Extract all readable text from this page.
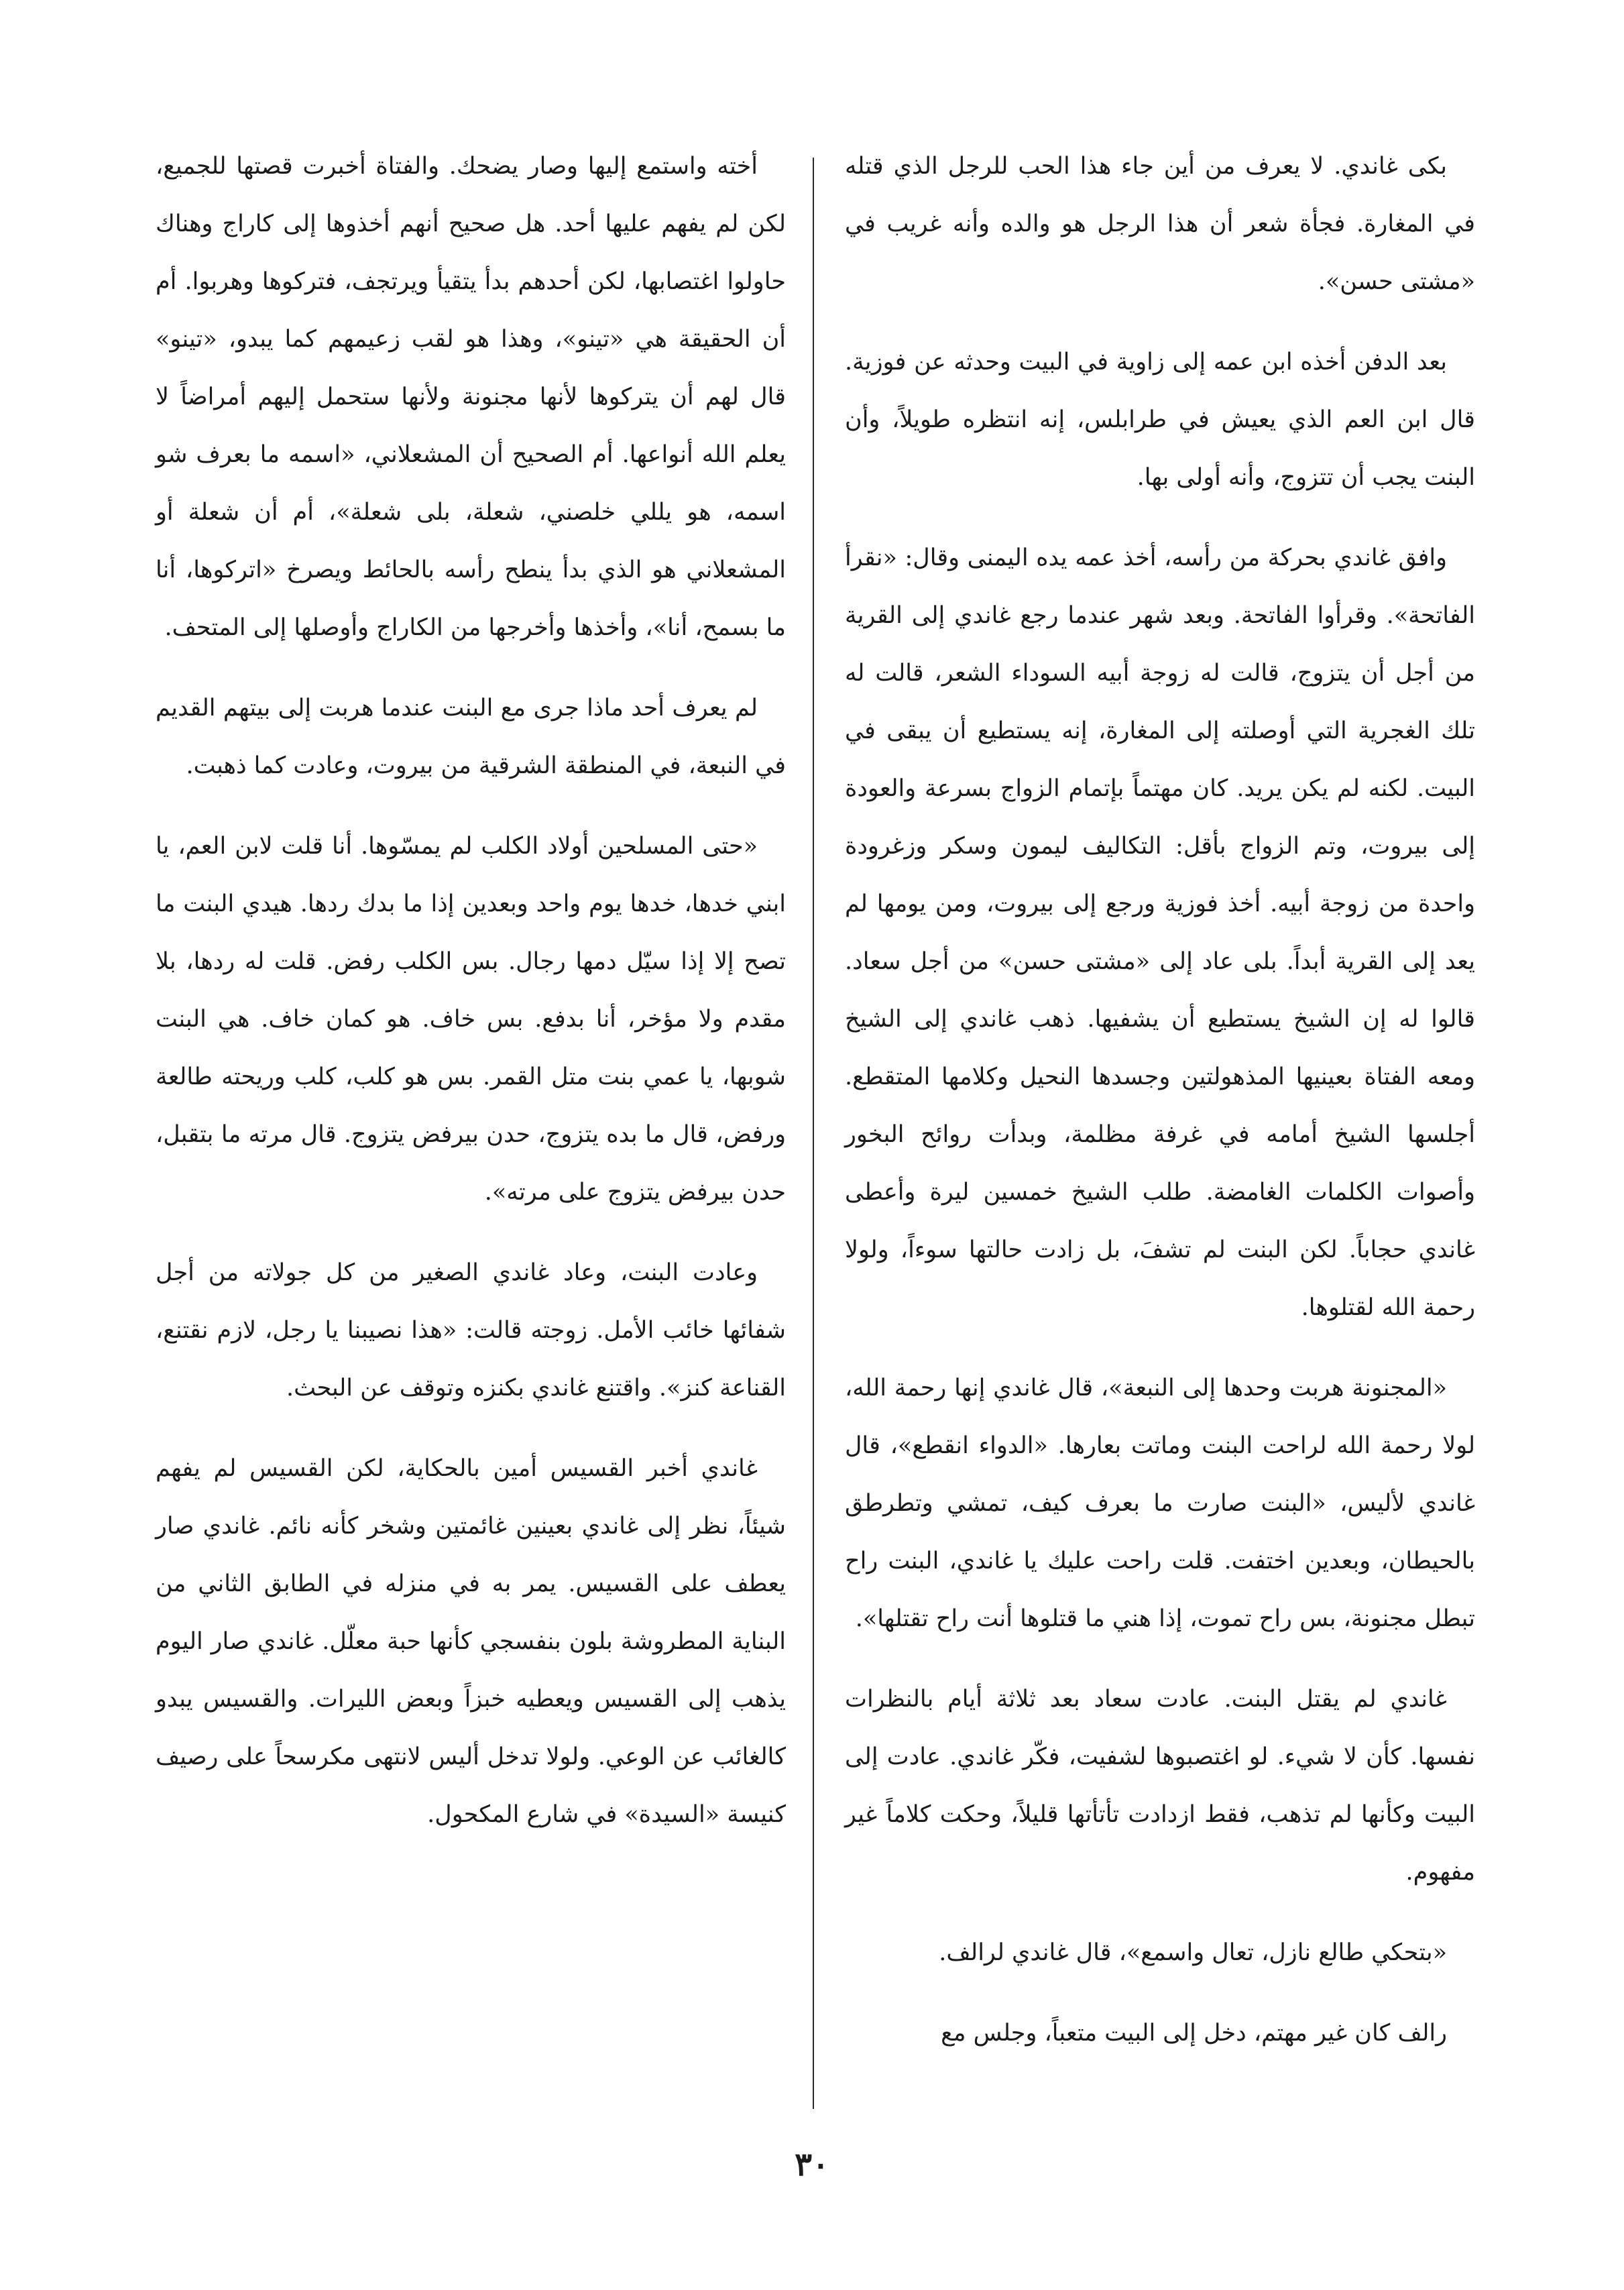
بكى غاندي. لا يعرف من أين جاء هذا الحب للرجل الذي قتله في المغارة. فجأة شعر أن هذا الرجل هو والده وأنه غريب في «مشتى حسن».

بعد الدفن أخذه ابن عمه إلى زاوية في البيت وحدثه عن فوزية. قال ابن العم الذي يعيش في طرابلس، إنه انتظره طويلاً، وأن البنت يجب أن تتزوج، وأنه أولى بها.

وافق غاندي بحركة من رأسه، أخذ عمه يده اليمنى وقال: «نقرأ الفاتحة». وقرأوا الفاتحة. وبعد شهر عندما رجع غاندي إلى القرية من أجل أن يتزوج، قالت له زوجة أبيه السوداء الشعر، قالت له تلك الغجرية التي أوصلته إلى المغارة، إنه يستطيع أن يبقى في البيت. لكنه لم يكن يريد. كان مهتماً بإتمام الزواج بسرعة والعودة إلى بيروت، وتم الزواج بأقل: التكاليف ليمون وسكر وزغرودة واحدة من زوجة أبيه. أخذ فوزية ورجع إلى بيروت، ومن يومها لم يعد إلى القرية أبداً. بلى عاد إلى «مشتى حسن» من أجل سعاد. قالوا له إن الشيخ يستطيع أن يشفيها. ذهب غاندي إلى الشيخ ومعه الفتاة بعينيها المذهولتين وجسدها النحيل وكلامها المتقطع. أجلسها الشيخ أمامه في غرفة مظلمة، وبدأت روائح البخور وأصوات الكلمات الغامضة. طلب الشيخ خمسين ليرة وأعطى غاندي حجاباً. لكن البنت لم تشفَ، بل زادت حالتها سوءاً، ولولا رحمة الله لقتلوها.

«المجنونة هربت وحدها إلى النبعة»، قال غاندي إنها رحمة الله، لولا رحمة الله لراحت البنت وماتت بعارها. «الدواء انقطع»، قال غاندي لأليس، «البنت صارت ما بعرف كيف، تمشي وتطرطق بالحيطان، وبعدين اختفت. قلت راحت عليك يا غاندي، البنت راح تبطل مجنونة، بس راح تموت، إذا هني ما قتلوها أنت راح تقتلها».

غاندي لم يقتل البنت. عادت سعاد بعد ثلاثة أيام بالنظرات نفسها. كأن لا شيء. لو اغتصبوها لشفيت، فكّر غاندي. عادت إلى البيت وكأنها لم تذهب، فقط ازدادت تأتأتها قليلاً، وحكت كلاماً غير مفهوم.

«بتحكي طالع نازل، تعال واسمع»، قال غاندي لرالف.

رالف كان غير مهتم، دخل إلى البيت متعباً، وجلس مع

أخته واستمع إليها وصار يضحك. والفتاة أخبرت قصتها للجميع، لكن لم يفهم عليها أحد. هل صحيح أنهم أخذوها إلى كاراج وهناك حاولوا اغتصابها، لكن أحدهم بدأ يتقيأ ويرتجف، فتركوها وهربوا. أم أن الحقيقة هي «تينو»، وهذا هو لقب زعيمهم كما يبدو، «تينو» قال لهم أن يتركوها لأنها مجنونة ولأنها ستحمل إليهم أمراضاً لا يعلم الله أنواعها. أم الصحيح أن المشعلاني، «اسمه ما بعرف شو اسمه، هو يللي خلصني، شعلة، بلى شعلة»، أم أن شعلة أو المشعلاني هو الذي بدأ ينطح رأسه بالحائط ويصرخ «اتركوها، أنا ما بسمح، أنا»، وأخذها وأخرجها من الكاراج وأوصلها إلى المتحف.

لم يعرف أحد ماذا جرى مع البنت عندما هربت إلى بيتهم القديم في النبعة، في المنطقة الشرقية من بيروت، وعادت كما ذهبت.

«حتى المسلحين أولاد الكلب لم يمسّوها. أنا قلت لابن العم، يا ابني خدها، خدها يوم واحد وبعدين إذا ما بدك ردها. هيدي البنت ما تصح إلا إذا سيّل دمها رجال. بس الكلب رفض. قلت له ردها، بلا مقدم ولا مؤخر، أنا بدفع. بس خاف. هو كمان خاف. هي البنت شوبها، يا عمي بنت متل القمر. بس هو كلب، كلب وريحته طالعة ورفض، قال ما بده يتزوج، حدن بيرفض يتزوج. قال مرته ما بتقبل، حدن بيرفض يتزوج على مرته».

وعادت البنت، وعاد غاندي الصغير من كل جولاته من أجل شفائها خائب الأمل. زوجته قالت: «هذا نصيبنا يا رجل، لازم نقتنع، القناعة كنز». واقتنع غاندي بكنزه وتوقف عن البحث.

غاندي أخبر القسيس أمين بالحكاية، لكن القسيس لم يفهم شيئاً، نظر إلى غاندي بعينين غائمتين وشخر كأنه نائم. غاندي صار يعطف على القسيس. يمر به في منزله في الطابق الثاني من البناية المطروشة بلون بنفسجي كأنها حبة معلّل. غاندي صار اليوم يذهب إلى القسيس ويعطيه خبزاً وبعض الليرات. والقسيس يبدو كالغائب عن الوعي. ولولا تدخل أليس لانتهى مكرسحاً على رصيف كنيسة «السيدة» في شارع المكحول.

٣٠
